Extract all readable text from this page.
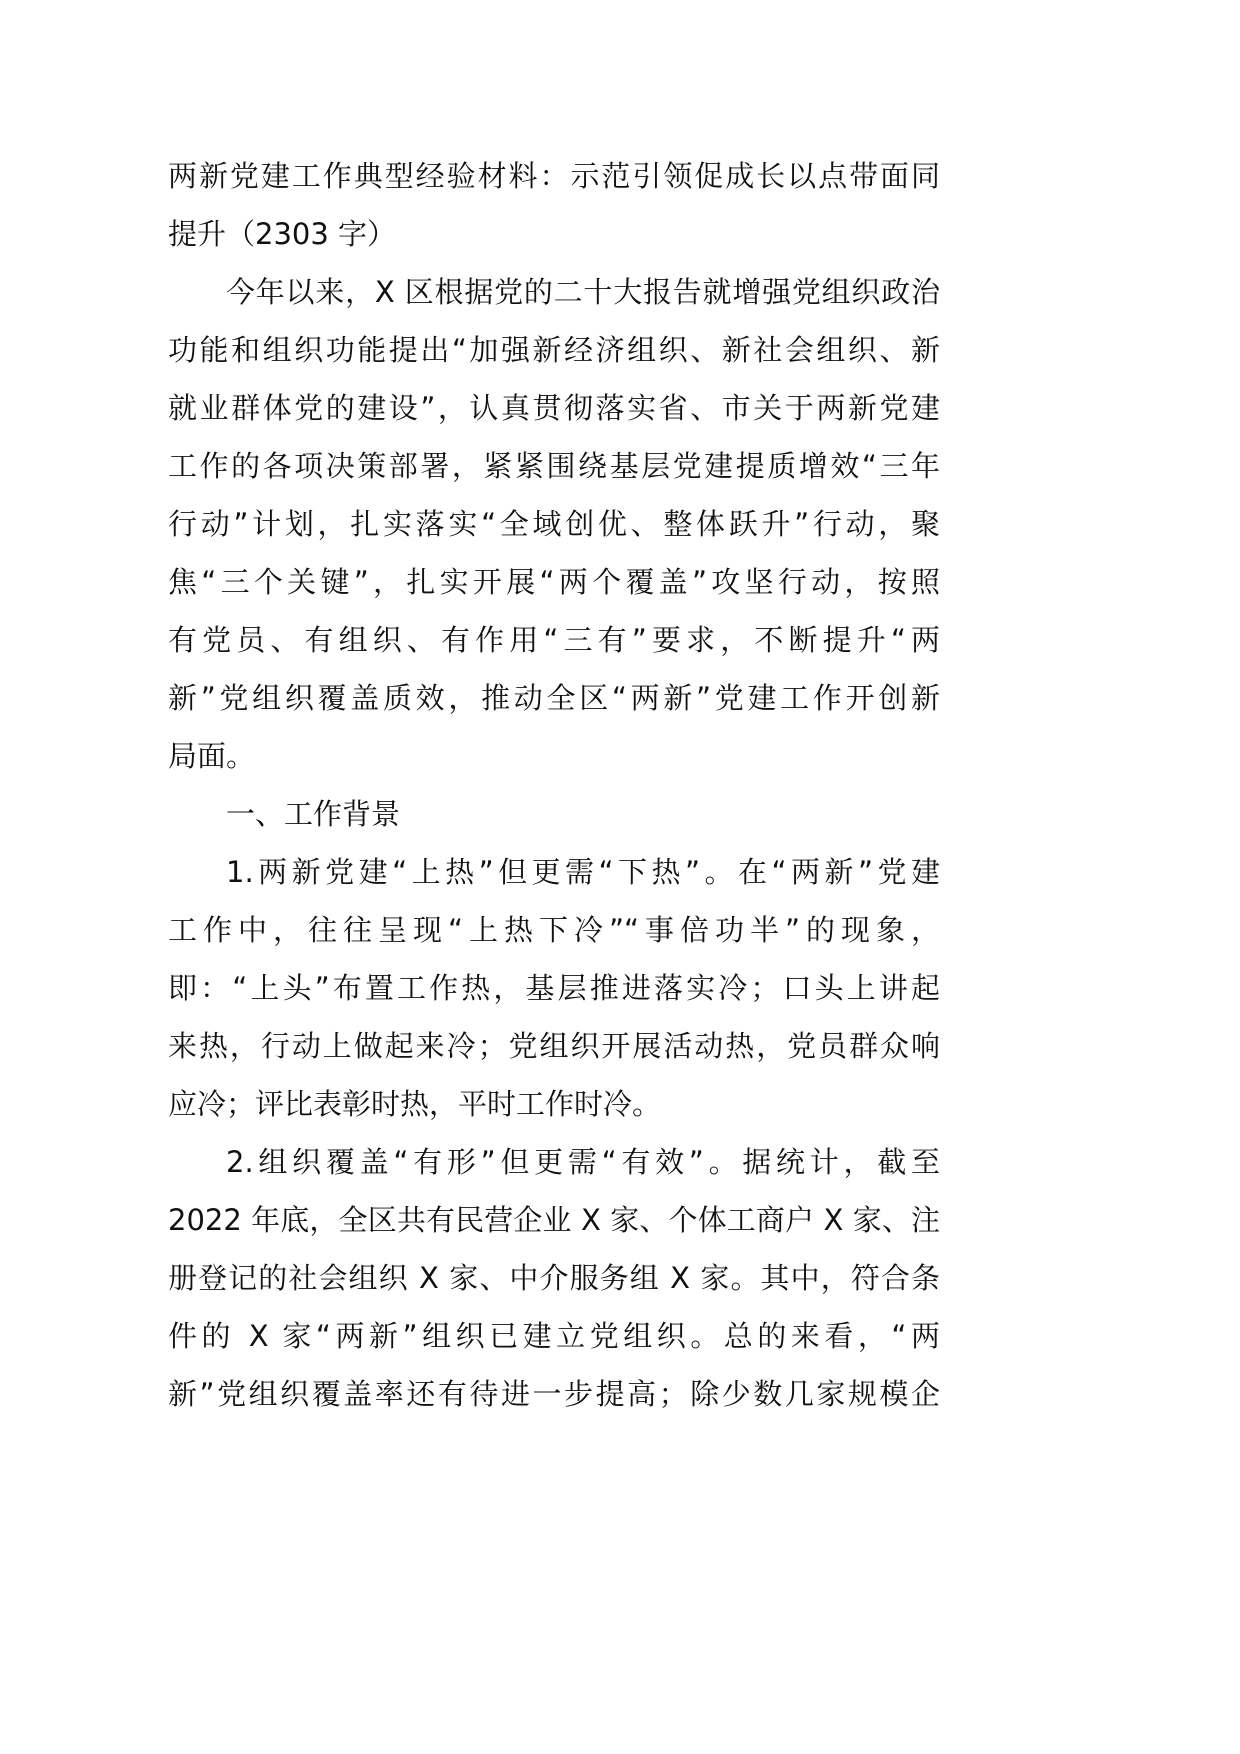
两新党建工作典型经验材料：示范引领促成长以点带面同
提升（2303 字）
今年以来，X 区根据党的二十大报告就增强党组织政治
功能和组织功能提出“加强新经济组织、新社会组织、新
就业群体党的建设”，认真贯彻落实省、市关于两新党建
工作的各项决策部署，紧紧围绕基层党建提质增效“三年
行动”计划，扎实落实“全域创优、整体跃升”行动，聚
焦“三个关键”，扎实开展“两个覆盖”攻坚行动，按照
有党员、有组织、有作用“三有”要求，不断提升“两
新”党组织覆盖质效，推动全区“两新”党建工作开创新
局面。
一、工作背景
1.两新党建“上热”但更需“下热”。在“两新”党建
工作中，往往呈现“上热下冷”“事倍功半”的现象，
即：“上头”布置工作热，基层推进落实冷；口头上讲起
来热，行动上做起来冷；党组织开展活动热，党员群众响
应冷；评比表彰时热，平时工作时冷。
2.组织覆盖“有形”但更需“有效”。据统计，截至
2022 年底，全区共有民营企业 X 家、个体工商户 X 家、注
册登记的社会组织 X 家、中介服务组 X 家。其中，符合条
件的 X 家“两新”组织已建立党组织。总的来看，“两
新”党组织覆盖率还有待进一步提高；除少数几家规模企
